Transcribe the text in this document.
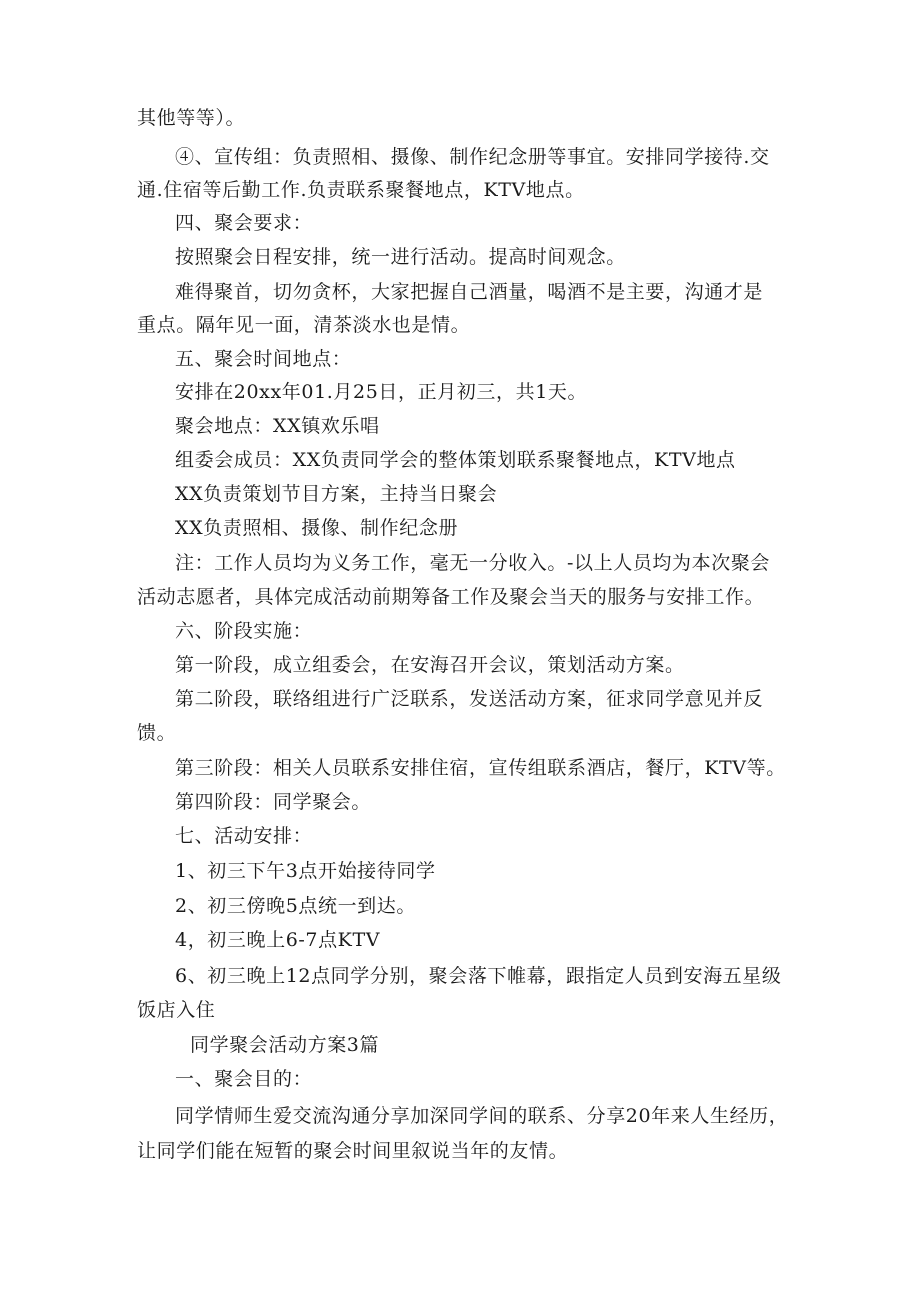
其他等等）。
④、宣传组：负责照相、摄像、制作纪念册等事宜。安排同学接待.交
通.住宿等后勤工作.负责联系聚餐地点，KTV地点。
四、聚会要求：
按照聚会日程安排，统一进行活动。提高时间观念。
难得聚首，切勿贪杯，大家把握自己酒量，喝酒不是主要，沟通才是
重点。隔年见一面，清茶淡水也是情。
五、聚会时间地点：
安排在20xx年01.月25日，正月初三，共1天。
聚会地点：XX镇欢乐唱
组委会成员：XX负责同学会的整体策划联系聚餐地点，KTV地点
XX负责策划节目方案，主持当日聚会
XX负责照相、摄像、制作纪念册
注：工作人员均为义务工作，毫无一分收入。-以上人员均为本次聚会
活动志愿者，具体完成活动前期筹备工作及聚会当天的服务与安排工作。
六、阶段实施：
第一阶段，成立组委会，在安海召开会议，策划活动方案。
第二阶段，联络组进行广泛联系，发送活动方案，征求同学意见并反
馈。
第三阶段：相关人员联系安排住宿，宣传组联系酒店，餐厅，KTV等。
第四阶段：同学聚会。
七、活动安排：
1、初三下午3点开始接待同学
2、初三傍晚5点统一到达。
4，初三晚上6-7点KTV
6、初三晚上12点同学分别，聚会落下帷幕，跟指定人员到安海五星级
饭店入住
同学聚会活动方案3篇
一、聚会目的：
同学情师生爱交流沟通分享加深同学间的联系、分享20年来人生经历，
让同学们能在短暂的聚会时间里叙说当年的友情。
